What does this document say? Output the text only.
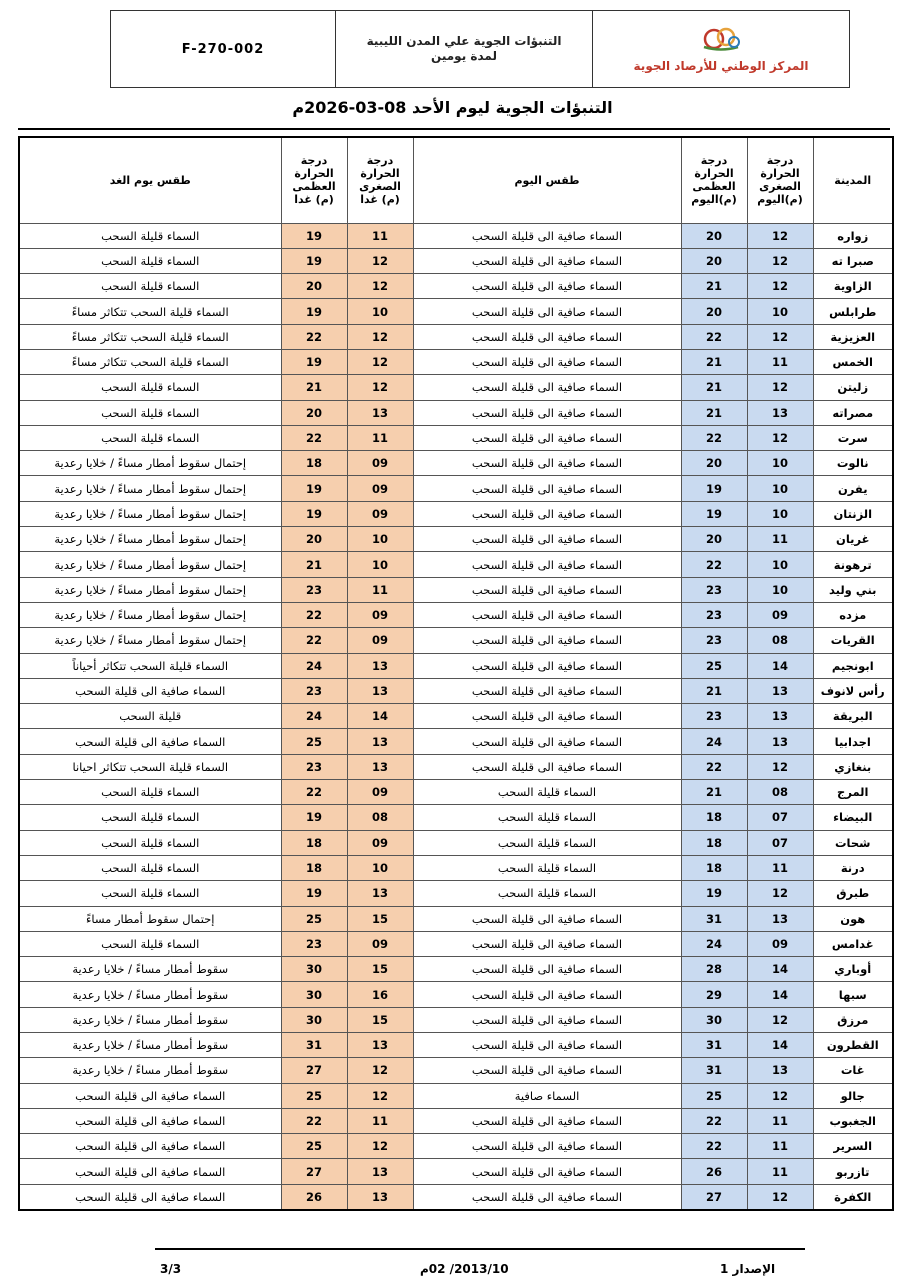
F-270-002
التنبؤات الجوية علي المدن الليبية
لمدة يومين
المركز الوطني للأرصاد الجوية
التنبؤات الجوية ليوم الأحد 08-03-2026م
المدينة	درجة الحرارة الصغرى (م)اليوم	درجة الحرارة العظمى (م)اليوم	طقس اليوم	درجة الحرارة الصغرى (م) غدا	درجة الحرارة العظمى (م) غدا	طقس يوم الغد
زواره	12	20	السماء صافية الى قليلة السحب	11	19	السماء قليلة السحب
صبرا ته	12	20	السماء صافية الى قليلة السحب	12	19	السماء قليلة السحب
الزاوية	12	21	السماء صافية الى قليلة السحب	12	20	السماء قليلة السحب
طرابلس	10	20	السماء صافية الى قليلة السحب	10	19	السماء قليلة السحب تتكاثر مساءً
العزيزية	12	22	السماء صافية الى قليلة السحب	12	22	السماء قليلة السحب تتكاثر مساءً
الخمس	11	21	السماء صافية الى قليلة السحب	12	19	السماء قليلة السحب تتكاثر مساءً
زليتن	12	21	السماء صافية الى قليلة السحب	12	21	السماء قليلة السحب
مصراته	13	21	السماء صافية الى قليلة السحب	13	20	السماء قليلة السحب
سرت	12	22	السماء صافية الى قليلة السحب	11	22	السماء قليلة السحب
نالوت	10	20	السماء صافية الى قليلة السحب	09	18	إحتمال سقوط أمطار مساءً / خلايا رعدية
يفرن	10	19	السماء صافية الى قليلة السحب	09	19	إحتمال سقوط أمطار مساءً / خلايا رعدية
الزنتان	10	19	السماء صافية الى قليلة السحب	09	19	إحتمال سقوط أمطار مساءً / خلايا رعدية
غريان	11	20	السماء صافية الى قليلة السحب	10	20	إحتمال سقوط أمطار مساءً / خلايا رعدية
ترهونة	10	22	السماء صافية الى قليلة السحب	10	21	إحتمال سقوط أمطار مساءً / خلايا رعدية
بني وليد	10	23	السماء صافية الى قليلة السحب	11	23	إحتمال سقوط أمطار مساءً / خلايا رعدية
مزده	09	23	السماء صافية الى قليلة السحب	09	22	إحتمال سقوط أمطار مساءً / خلايا رعدية
القريات	08	23	السماء صافية الى قليلة السحب	09	22	إحتمال سقوط أمطار مساءً / خلايا رعدية
ابونجيم	14	25	السماء صافية الى قليلة السحب	13	24	السماء قليلة السحب تتكاثر أحياناً
رأس لانوف	13	21	السماء صافية الى قليلة السحب	13	23	السماء صافية الى قليلة السحب
البريقة	13	23	السماء صافية الى قليلة السحب	14	24	قليلة السحب
اجدابيا	13	24	السماء صافية الى قليلة السحب	13	25	السماء صافية الى قليلة السحب
بنغازي	12	22	السماء صافية الى قليلة السحب	13	23	السماء قليلة السحب تتكاثر احيانا
المرج	08	21	السماء قليلة السحب	09	22	السماء قليلة السحب
البيضاء	07	18	السماء قليلة السحب	08	19	السماء قليلة السحب
شحات	07	18	السماء قليلة السحب	09	18	السماء قليلة السحب
درنة	11	18	السماء قليلة السحب	10	18	السماء قليلة السحب
طبرق	12	19	السماء قليلة السحب	13	19	السماء قليلة السحب
هون	13	31	السماء صافية الى قليلة السحب	15	25	إحتمال سقوط أمطار مساءً
غدامس	09	24	السماء صافية الى قليلة السحب	09	23	السماء قليلة السحب
أوباري	14	28	السماء صافية الى قليلة السحب	15	30	سقوط أمطار مساءً / خلايا رعدية
سبها	14	29	السماء صافية الى قليلة السحب	16	30	سقوط أمطار مساءً / خلايا رعدية
مرزق	12	30	السماء صافية الى قليلة السحب	15	30	سقوط أمطار مساءً / خلايا رعدية
القطرون	14	31	السماء صافية الى قليلة السحب	13	31	سقوط أمطار مساءً / خلايا رعدية
غات	13	31	السماء صافية الى قليلة السحب	12	27	سقوط أمطار مساءً / خلايا رعدية
جالو	12	25	السماء صافية	12	25	السماء صافية الى قليلة السحب
الجغبوب	11	22	السماء صافية الى قليلة السحب	11	22	السماء صافية الى قليلة السحب
السرير	11	22	السماء صافية الى قليلة السحب	12	25	السماء صافية الى قليلة السحب
تازربو	11	26	السماء صافية الى قليلة السحب	13	27	السماء صافية الى قليلة السحب
الكفرة	12	27	السماء صافية الى قليلة السحب	13	26	السماء صافية الى قليلة السحب
الإصدار 1
2013/10/ 02م
3/3
